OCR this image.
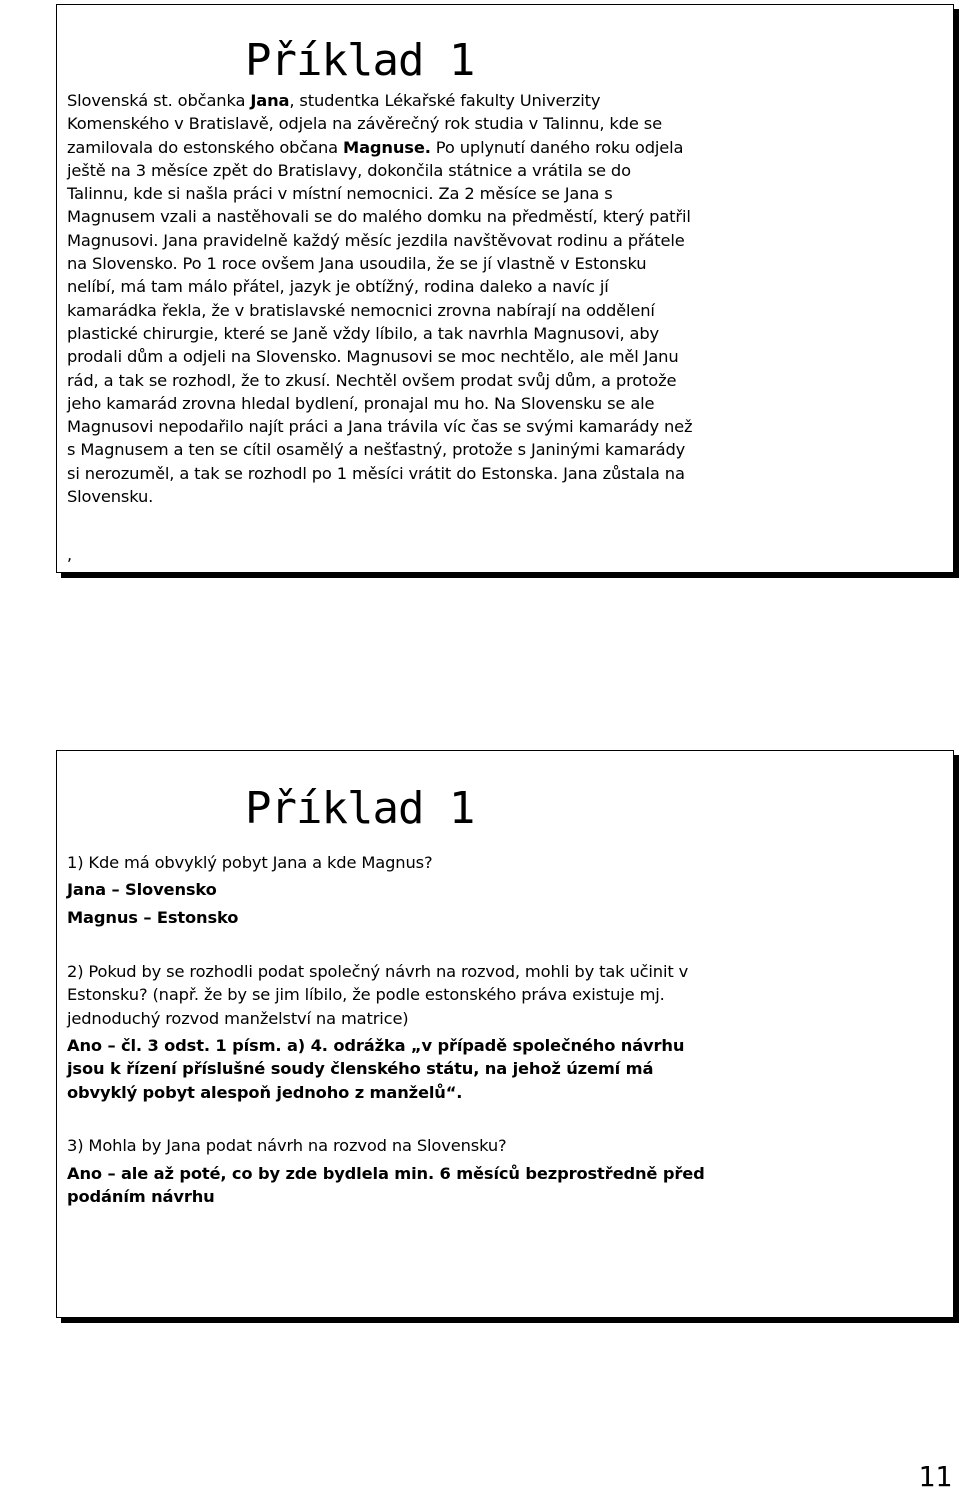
Příklad 1

Slovenská st. občanka Jana, studentka Lékařské fakulty Univerzity Komenského v Bratislavě, odjela na závěrečný rok studia v Talinnu, kde se zamilovala do estonského občana Magnuse. Po uplynutí daného roku odjela ještě na 3 měsíce zpět do Bratislavy, dokončila státnice a vrátila se do Talinnu, kde si našla práci v místní nemocnici. Za 2 měsíce se Jana s Magnusem vzali a nastěhovali se do malého domku na předměstí, který patřil Magnusovi. Jana pravidelně každý měsíc jezdila navštěvovat rodinu a přátele na Slovensko. Po 1 roce ovšem Jana usoudila, že se jí vlastně v Estonsku nelíbí, má tam málo přátel, jazyk je obtížný, rodina daleko a navíc jí kamarádka řekla, že v bratislavské nemocnici zrovna nabírají na oddělení plastické chirurgie, které se Janě vždy líbilo, a tak navrhla Magnusovi, aby prodali dům a odjeli na Slovensko. Magnusovi se moc nechtělo, ale měl Janu rád, a tak se rozhodl, že to zkusí. Nechtěl ovšem prodat svůj dům, a protože jeho kamarád zrovna hledal bydlení, pronajal mu ho. Na Slovensku se ale Magnusovi nepodařilo najít práci a Jana trávila víc čas se svými kamarády než s Magnusem a ten se cítil osamělý a nešťastný, protože s Janinými kamarády si nerozuměl, a tak se rozhodl po 1 měsíci vrátit do Estonska. Jana zůstala na Slovensku.

,
Příklad 1

1) Kde má obvyklý pobyt Jana a kde Magnus?

Jana – Slovensko

Magnus – Estonsko

2) Pokud by se rozhodli podat společný návrh na rozvod, mohli by tak učinit v Estonsku? (např. že by se jim líbilo, že podle estonského práva existuje mj. jednoduchý rozvod manželství na matrice)

Ano – čl. 3 odst. 1 písm. a) 4. odrážka „v případě společného návrhu jsou k řízení příslušné soudy členského státu, na jehož území má obvyklý pobyt alespoň jednoho z manželů“.

3) Mohla by Jana podat návrh na rozvod na Slovensku?

Ano – ale až poté, co by zde bydlela min. 6 měsíců bezprostředně před podáním návrhu

11
